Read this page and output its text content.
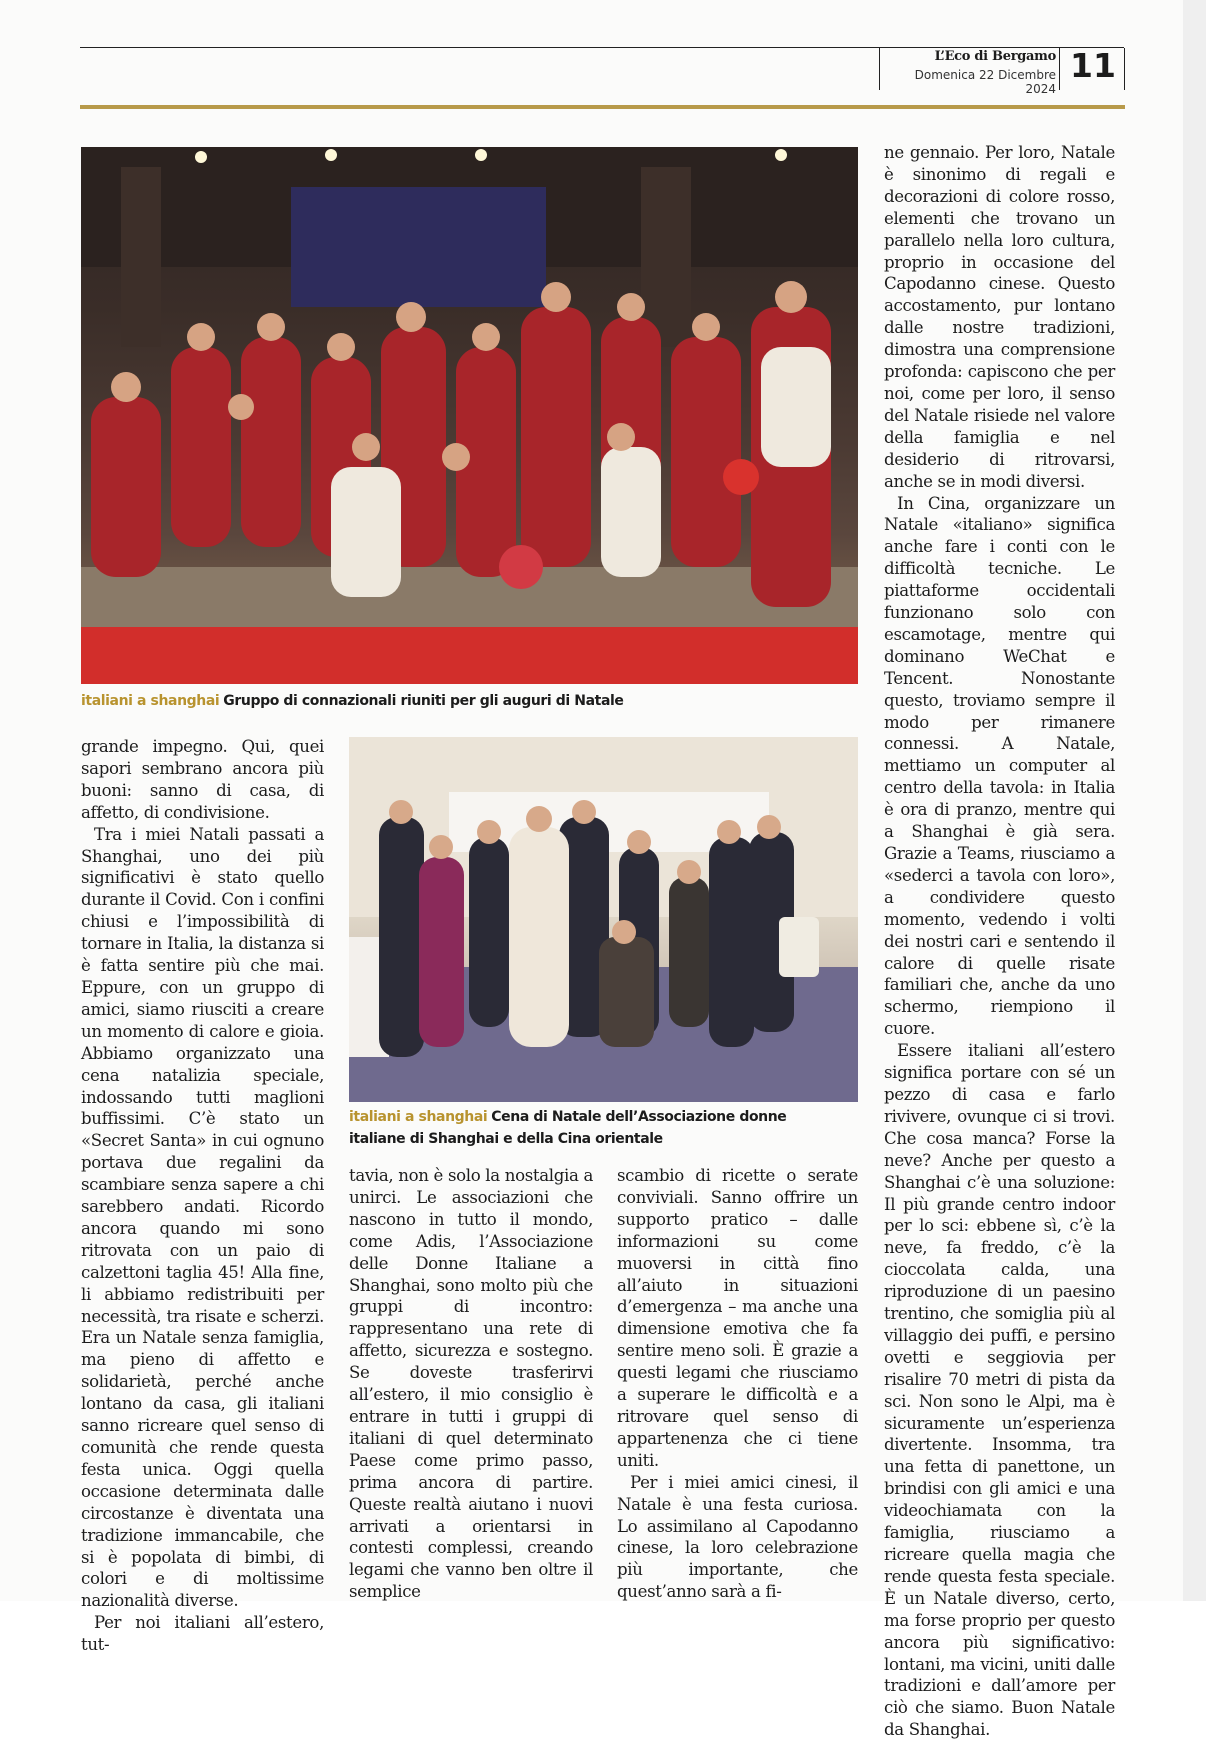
L’Eco di Bergamo
Domenica 22 Dicembre 2024
11
italiani a shanghai Gruppo di connazionali riuniti per gli auguri di Natale
italiani a shanghai Cena di Natale dell’Associazione donne italiane di Shanghai e della Cina orientale

grande impegno. Qui, quei sapori sembrano ancora più buoni: sanno di casa, di affetto, di condivisione.

Tra i miei Natali passati a Shanghai, uno dei più significativi è stato quello durante il Covid. Con i confini chiusi e l’impossibilità di tornare in Italia, la distanza si è fatta sentire più che mai. Eppure, con un gruppo di amici, siamo riusciti a creare un momento di calore e gioia. Abbiamo organizzato una cena natalizia speciale, indossando tutti maglioni buffissimi. C’è stato un «Secret Santa» in cui ognuno portava due regalini da scambiare senza sapere a chi sarebbero andati. Ricordo ancora quando mi sono ritrovata con un paio di calzettoni taglia 45! Alla fine, li abbiamo redistribuiti per necessità, tra risate e scherzi. Era un Natale senza famiglia, ma pieno di affetto e solidarietà, perché anche lontano da casa, gli italiani sanno ricreare quel senso di comunità che rende questa festa unica. Oggi quella occasione determinata dalle circostanze è diventata una tradizione immancabile, che si è popolata di bimbi, di colori e di moltissime nazionalità diverse.

Per noi italiani all’estero, tut-

tavia, non è solo la nostalgia a unirci. Le associazioni che nascono in tutto il mondo, come Adis, l’Associazione delle Donne Italiane a Shanghai, sono molto più che gruppi di incontro: rappresentano una rete di affetto, sicurezza e sostegno. Se doveste trasferirvi all’estero, il mio consiglio è entrare in tutti i gruppi di italiani di quel determinato Paese come primo passo, prima ancora di partire. Queste realtà aiutano i nuovi arrivati a orientarsi in contesti complessi, creando legami che vanno ben oltre il semplice

scambio di ricette o serate conviviali. Sanno offrire un supporto pratico – dalle informazioni su come muoversi in città fino all’aiuto in situazioni d’emergenza – ma anche una dimensione emotiva che fa sentire meno soli. È grazie a questi legami che riusciamo a superare le difficoltà e a ritrovare quel senso di appartenenza che ci tiene uniti.

Per i miei amici cinesi, il Natale è una festa curiosa. Lo assimilano al Capodanno cinese, la loro celebrazione più importante, che quest’anno sarà a fi-

ne gennaio. Per loro, Natale è sinonimo di regali e decorazioni di colore rosso, elementi che trovano un parallelo nella loro cultura, proprio in occasione del Capodanno cinese. Questo accostamento, pur lontano dalle nostre tradizioni, dimostra una comprensione profonda: capiscono che per noi, come per loro, il senso del Natale risiede nel valore della famiglia e nel desiderio di ritrovarsi, anche se in modi diversi.

In Cina, organizzare un Natale «italiano» significa anche fare i conti con le difficoltà tecniche. Le piattaforme occidentali funzionano solo con escamotage, mentre qui dominano WeChat e Tencent. Nonostante questo, troviamo sempre il modo per rimanere connessi. A Natale, mettiamo un computer al centro della tavola: in Italia è ora di pranzo, mentre qui a Shanghai è già sera. Grazie a Teams, riusciamo a «sederci a tavola con loro», a condividere questo momento, vedendo i volti dei nostri cari e sentendo il calore di quelle risate familiari che, anche da uno schermo, riempiono il cuore.

Essere italiani all’estero significa portare con sé un pezzo di casa e farlo rivivere, ovunque ci si trovi. Che cosa manca? Forse la neve? Anche per questo a Shanghai c’è una soluzione: Il più grande centro indoor per lo sci: ebbene sì, c’è la neve, fa freddo, c’è la cioccolata calda, una riproduzione di un paesino trentino, che somiglia più al villaggio dei puffi, e persino ovetti e seggiovia per risalire 70 metri di pista da sci. Non sono le Alpi, ma è sicuramente un’esperienza divertente. Insomma, tra una fetta di panettone, un brindisi con gli amici e una videochiamata con la famiglia, riusciamo a ricreare quella magia che rende questa festa speciale. È un Natale diverso, certo, ma forse proprio per questo ancora più significativo: lontani, ma vicini, uniti dalle tradizioni e dall’amore per ciò che siamo. Buon Natale da Shanghai.
